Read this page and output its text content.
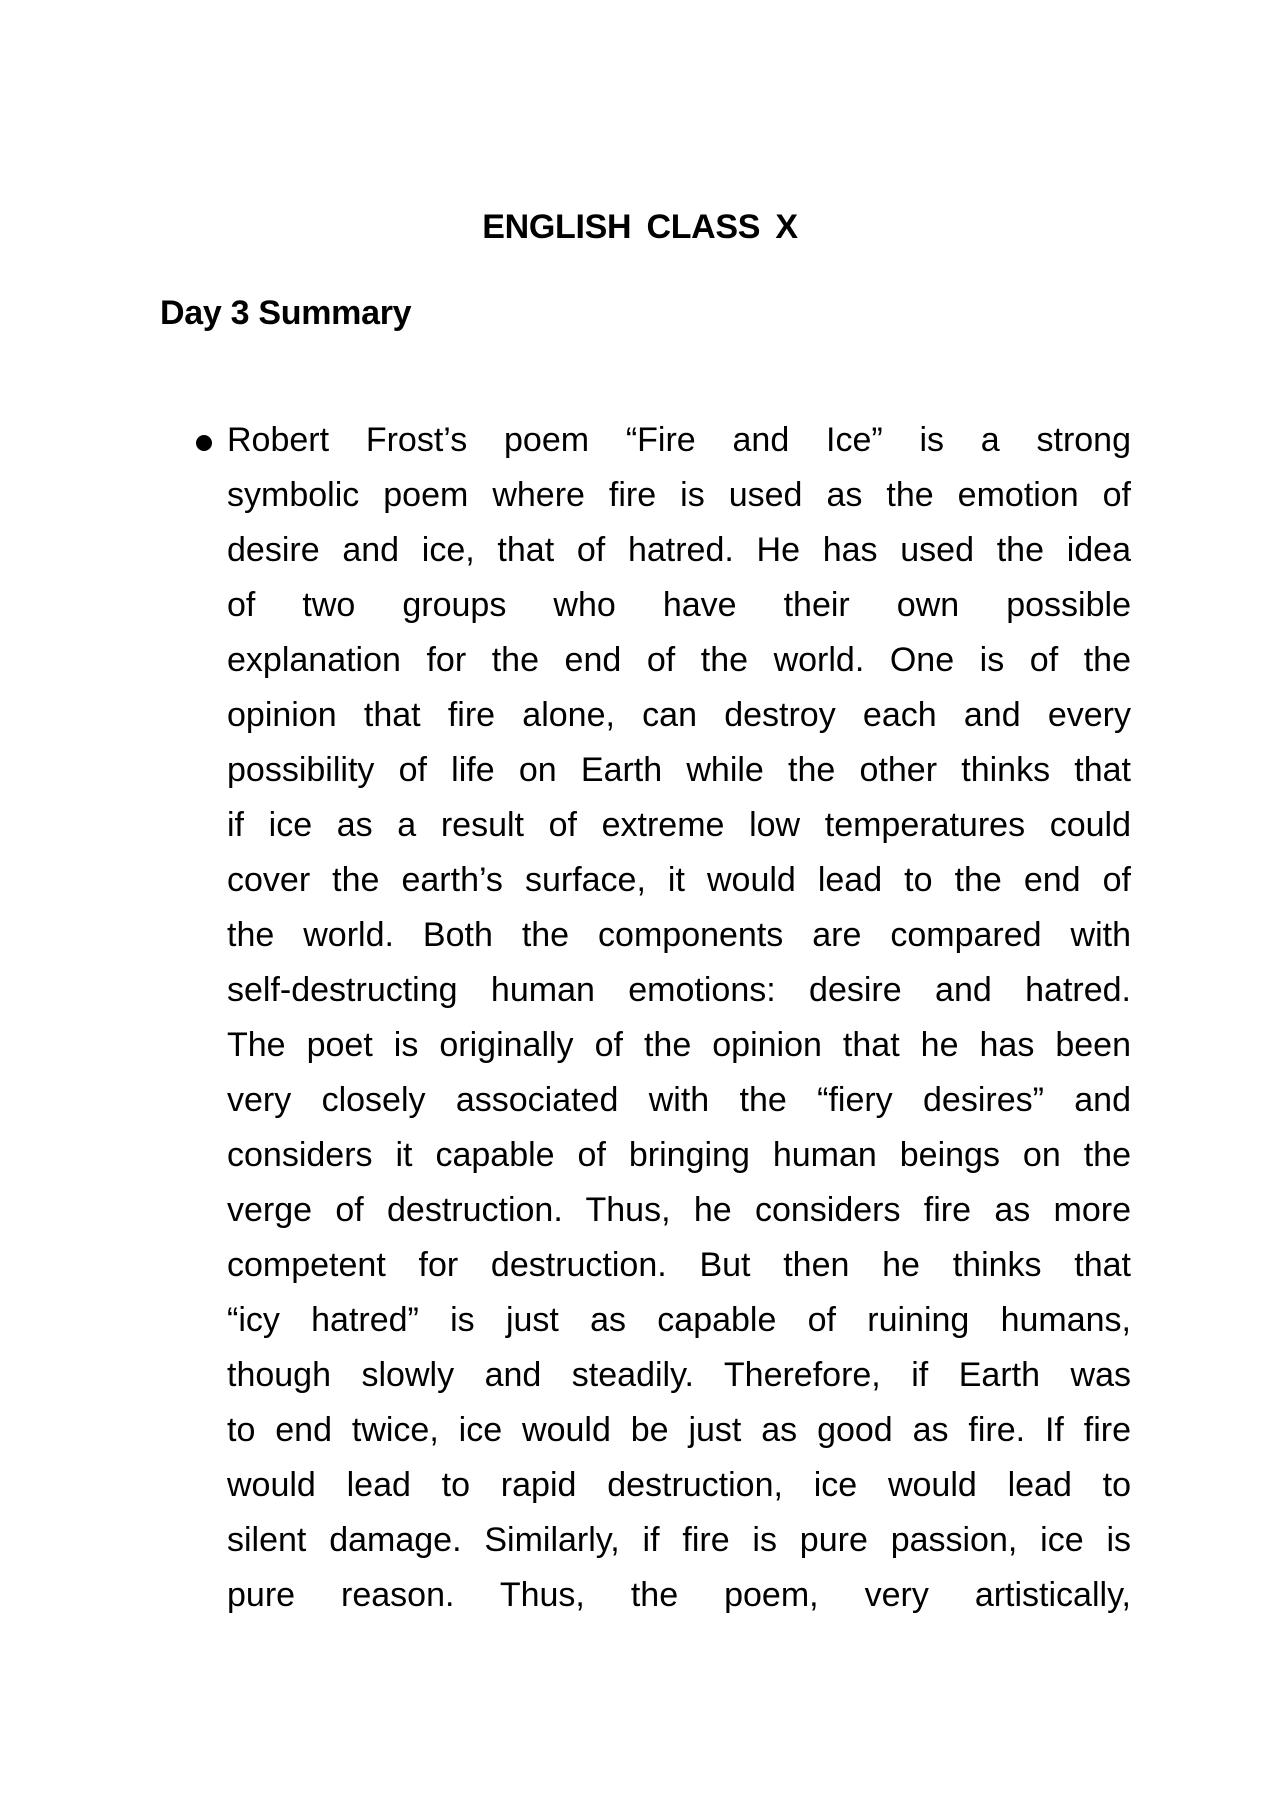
ENGLISH CLASS X
Day 3 Summary
Robert Frost’s poem “Fire and Ice” is a strong
symbolic poem where fire is used as the emotion of
desire and ice, that of hatred. He has used the idea
of two groups who have their own possible
explanation for the end of the world. One is of the
opinion that fire alone, can destroy each and every
possibility of life on Earth while the other thinks that
if ice as a result of extreme low temperatures could
cover the earth’s surface, it would lead to the end of
the world. Both the components are compared with
self-destructing human emotions: desire and hatred.
The poet is originally of the opinion that he has been
very closely associated with the “fiery desires” and
considers it capable of bringing human beings on the
verge of destruction. Thus, he considers fire as more
competent for destruction. But then he thinks that
“icy hatred” is just as capable of ruining humans,
though slowly and steadily. Therefore, if Earth was
to end twice, ice would be just as good as fire. If fire
would lead to rapid destruction, ice would lead to
silent damage. Similarly, if fire is pure passion, ice is
pure reason. Thus, the poem, very artistically,
